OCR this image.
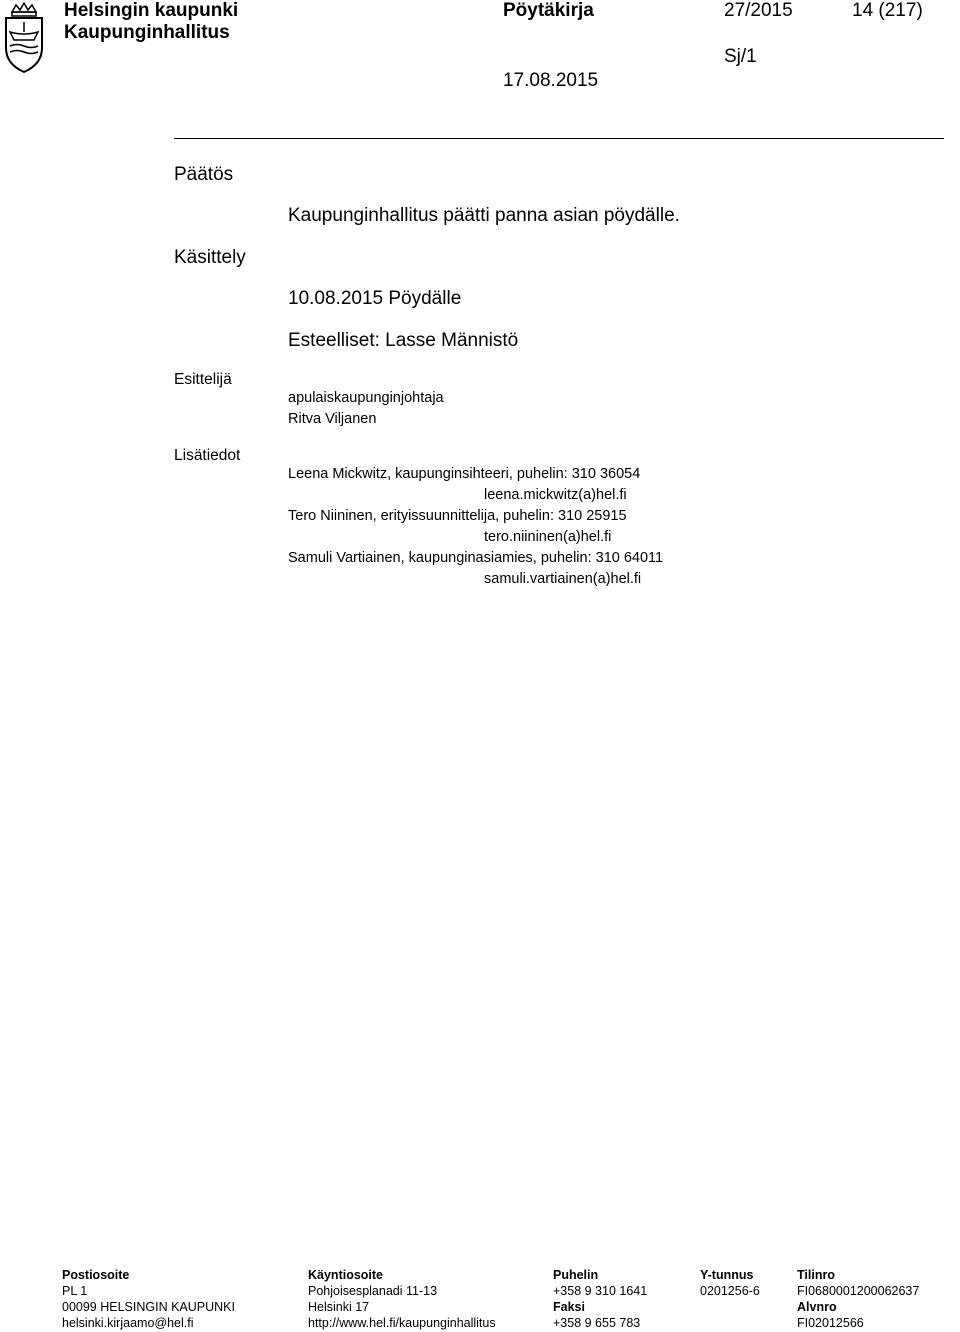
Helsingin kaupunki
Kaupunginhallitus
Pöytäkirja	27/2015	14 (217)
Sj/1
17.08.2015
Päätös
Kaupunginhallitus päätti panna asian pöydälle.
Käsittely
10.08.2015 Pöydälle
Esteelliset: Lasse Männistö
Esittelijä
apulaiskaupunginjohtaja
Ritva Viljanen
Lisätiedot
Leena Mickwitz, kaupunginsihteeri, puhelin: 310 36054
leena.mickwitz(a)hel.fi
Tero Niininen, erityissuunnittelija, puhelin: 310 25915
tero.niininen(a)hel.fi
Samuli Vartiainen, kaupunginasiamies, puhelin: 310 64011
samuli.vartiainen(a)hel.fi
Postiosoite
PL 1
00099 HELSINGIN KAUPUNKI
helsinki.kirjaamo@hel.fi
Käyntiosoite
Pohjoisesplanadi 11-13
Helsinki 17
http://www.hel.fi/kaupunginhallitus
Puhelin
+358 9 310 1641
Faksi
+358 9 655 783
Y-tunnus
0201256-6
Tilinro
FI0680001200062637
Alvnro
FI02012566
